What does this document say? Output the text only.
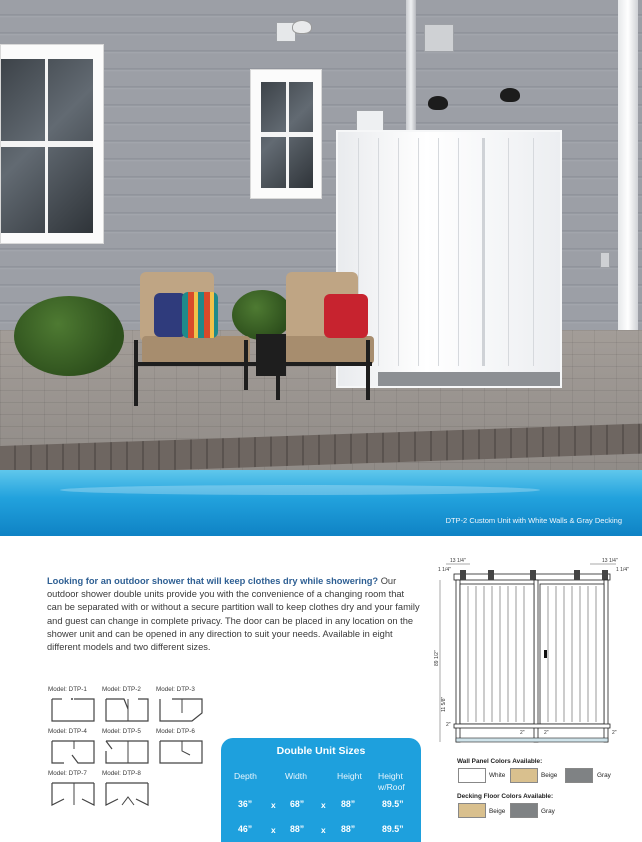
DTP-2 Custom Unit with White Walls & Gray Decking

Looking for an outdoor shower that will keep clothes dry while showering? Our outdoor shower double units provide you with the convenience of a changing room that can be separated with or without a secure partition wall to keep clothes dry and your family and guest can change in complete privacy. The door can be placed in any location on the shower unit and can be opened in any direction to suit your needs. Available in eight different models and two different sizes.

Model: DTP-1	Model: DTP-2	Model: DTP-3
Model: DTP-4	Model: DTP-5	Model: DTP-6
Model: DTP-7	Model: DTP-8
Double Unit Sizes
Depth	Width	Height Height w/Roof
36” x 68” x 88”	89.5”
46” x 88” x 88”	89.5”
13 1/4"
1 1/4"
13 1/4"
1 1/4"
89 1/2"
11 5/8"
2"
2"	2"	2"
Wall Panel Colors Available:
White	Beige	Gray
Decking Floor Colors Available:
Beige	Gray
